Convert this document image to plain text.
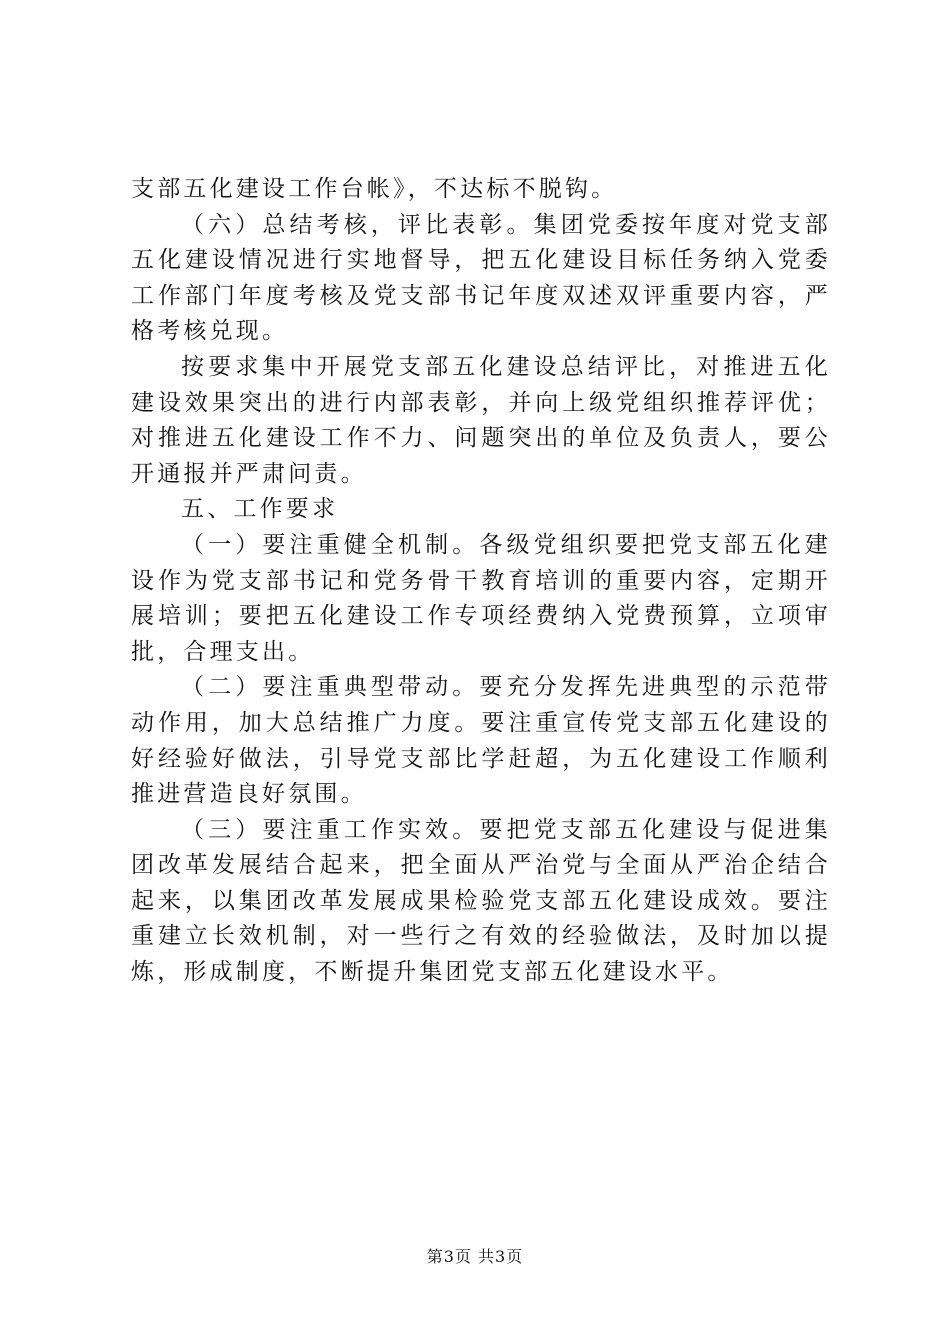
支部五化建设工作台帐》，不达标不脱钩。

（六）总结考核，评比表彰。集团党委按年度对党支部五化建设情况进行实地督导，把五化建设目标任务纳入党委工作部门年度考核及党支部书记年度双述双评重要内容，严格考核兑现。

按要求集中开展党支部五化建设总结评比，对推进五化建设效果突出的进行内部表彰，并向上级党组织推荐评优；对推进五化建设工作不力、问题突出的单位及负责人，要公开通报并严肃问责。

五、工作要求

（一）要注重健全机制。各级党组织要把党支部五化建设作为党支部书记和党务骨干教育培训的重要内容，定期开展培训；要把五化建设工作专项经费纳入党费预算，立项审批，合理支出。

（二）要注重典型带动。要充分发挥先进典型的示范带动作用，加大总结推广力度。要注重宣传党支部五化建设的好经验好做法，引导党支部比学赶超，为五化建设工作顺利推进营造良好氛围。

（三）要注重工作实效。要把党支部五化建设与促进集团改革发展结合起来，把全面从严治党与全面从严治企结合起来，以集团改革发展成果检验党支部五化建设成效。要注重建立长效机制，对一些行之有效的经验做法，及时加以提炼，形成制度，不断提升集团党支部五化建设水平。

第3页 共3页
